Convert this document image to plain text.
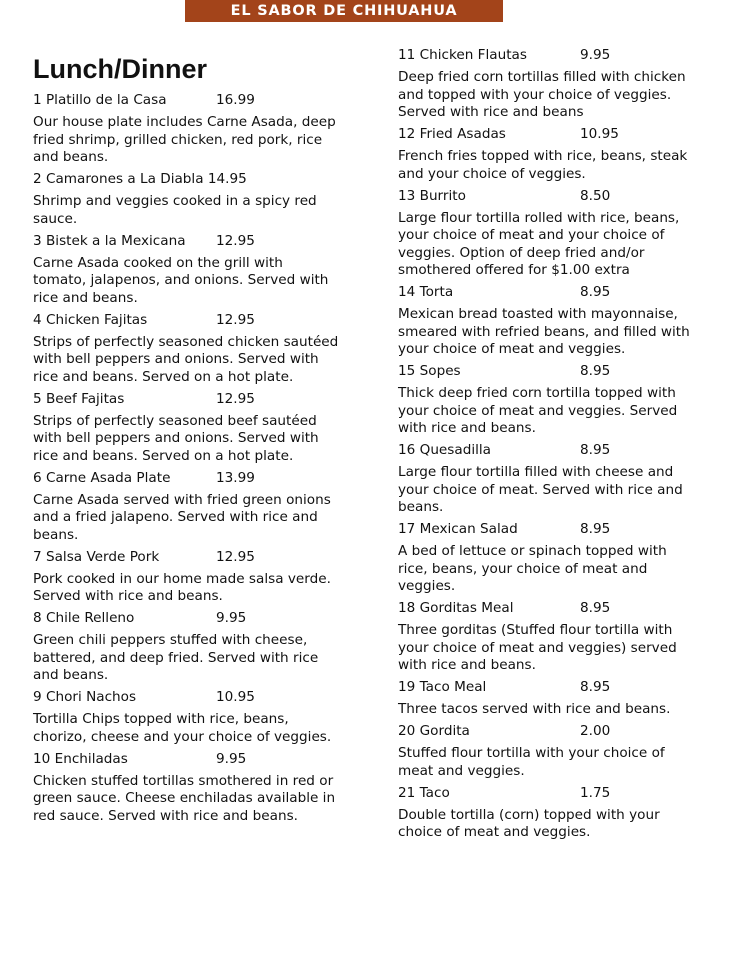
EL SABOR DE CHIHUAHUA
Lunch/Dinner
1 Platillo de la Casa	16.99
Our house plate includes Carne Asada, deep
fried shrimp, grilled chicken, red pork, rice
and beans.
2 Camarones a La Diabla 14.95
Shrimp and veggies cooked in a spicy red
sauce.
3 Bistek a la Mexicana	12.95
Carne Asada cooked on the grill with
tomato, jalapenos, and onions. Served with
rice and beans.
4 Chicken Fajitas	12.95
Strips of perfectly seasoned chicken sautéed
with bell peppers and onions. Served with
rice and beans. Served on a hot plate.
5 Beef Fajitas	12.95
Strips of perfectly seasoned beef sautéed
with bell peppers and onions. Served with
rice and beans. Served on a hot plate.
6 Carne Asada Plate	13.99
Carne Asada served with fried green onions
and a fried jalapeno. Served with rice and
beans.
7 Salsa Verde Pork	12.95
Pork cooked in our home made salsa verde.
Served with rice and beans.
8 Chile Relleno	9.95
Green chili peppers stuffed with cheese,
battered, and deep fried. Served with rice
and beans.
9 Chori Nachos	10.95
Tortilla Chips topped with rice, beans,
chorizo, cheese and your choice of veggies.
10 Enchiladas	9.95
Chicken stuffed tortillas smothered in red or
green sauce. Cheese enchiladas available in
red sauce. Served with rice and beans.
11 Chicken Flautas	9.95
Deep fried corn tortillas filled with chicken
and topped with your choice of veggies.
Served with rice and beans
12 Fried Asadas	10.95
French fries topped with rice, beans, steak
and your choice of veggies.
13 Burrito	8.50
Large flour tortilla rolled with rice, beans,
your choice of meat and your choice of
veggies. Option of deep fried and/or
smothered offered for $1.00 extra
14 Torta	8.95
Mexican bread toasted with mayonnaise,
smeared with refried beans, and filled with
your choice of meat and veggies.
15 Sopes	8.95
Thick deep fried corn tortilla topped with
your choice of meat and veggies. Served
with rice and beans.
16 Quesadilla	8.95
Large flour tortilla filled with cheese and
your choice of meat. Served with rice and
beans.
17 Mexican Salad	8.95
A bed of lettuce or spinach topped with
rice, beans, your choice of meat and
veggies.
18 Gorditas Meal	8.95
Three gorditas (Stuffed flour tortilla with
your choice of meat and veggies) served
with rice and beans.
19 Taco Meal	8.95
Three tacos served with rice and beans.
20 Gordita	2.00
Stuffed flour tortilla with your choice of
meat and veggies.
21 Taco	1.75
Double tortilla (corn) topped with your
choice of meat and veggies.
